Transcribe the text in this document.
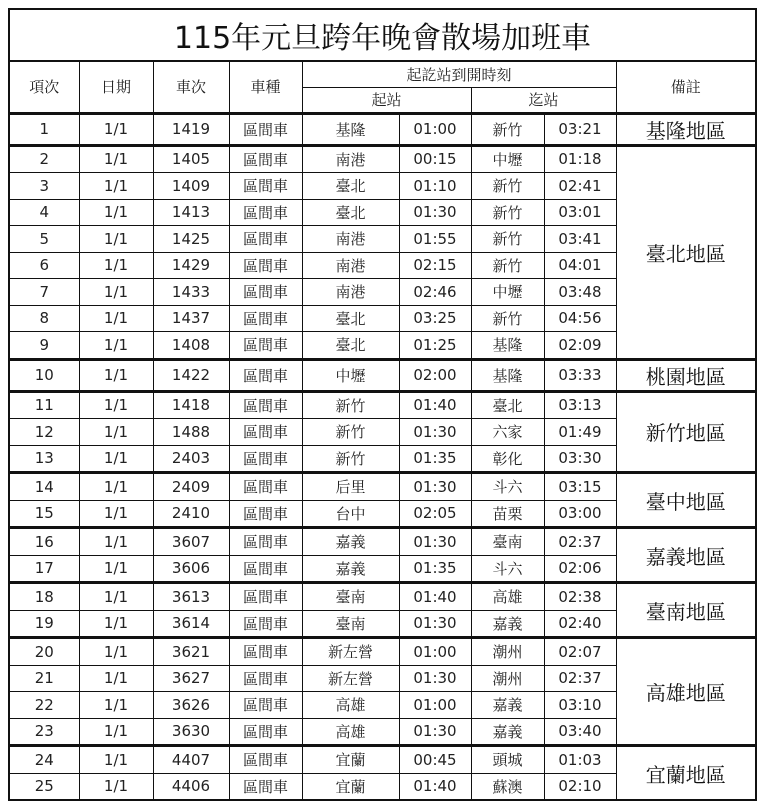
115年元旦跨年晚會散場加班車								
項次	日期	車次	車種	起訖站到開時刻				備註
				起站		迄站		
1	1/1	1419	區間車	基隆	01:00	新竹	03:21	基隆地區
2	1/1	1405	區間車	南港	00:15	中壢	01:18	臺北地區
3	1/1	1409	區間車	臺北	01:10	新竹	02:41	
4	1/1	1413	區間車	臺北	01:30	新竹	03:01	
5	1/1	1425	區間車	南港	01:55	新竹	03:41	
6	1/1	1429	區間車	南港	02:15	新竹	04:01	
7	1/1	1433	區間車	南港	02:46	中壢	03:48	
8	1/1	1437	區間車	臺北	03:25	新竹	04:56	
9	1/1	1408	區間車	臺北	01:25	基隆	02:09	
10	1/1	1422	區間車	中壢	02:00	基隆	03:33	桃園地區
11	1/1	1418	區間車	新竹	01:40	臺北	03:13	新竹地區
12	1/1	1488	區間車	新竹	01:30	六家	01:49	
13	1/1	2403	區間車	新竹	01:35	彰化	03:30	
14	1/1	2409	區間車	后里	01:30	斗六	03:15	臺中地區
15	1/1	2410	區間車	台中	02:05	苗栗	03:00	
16	1/1	3607	區間車	嘉義	01:30	臺南	02:37	嘉義地區
17	1/1	3606	區間車	嘉義	01:35	斗六	02:06	
18	1/1	3613	區間車	臺南	01:40	高雄	02:38	臺南地區
19	1/1	3614	區間車	臺南	01:30	嘉義	02:40	
20	1/1	3621	區間車	新左營	01:00	潮州	02:07	高雄地區
21	1/1	3627	區間車	新左營	01:30	潮州	02:37	
22	1/1	3626	區間車	高雄	01:00	嘉義	03:10	
23	1/1	3630	區間車	高雄	01:30	嘉義	03:40	
24	1/1	4407	區間車	宜蘭	00:45	頭城	01:03	宜蘭地區
25	1/1	4406	區間車	宜蘭	01:40	蘇澳	02:10	
